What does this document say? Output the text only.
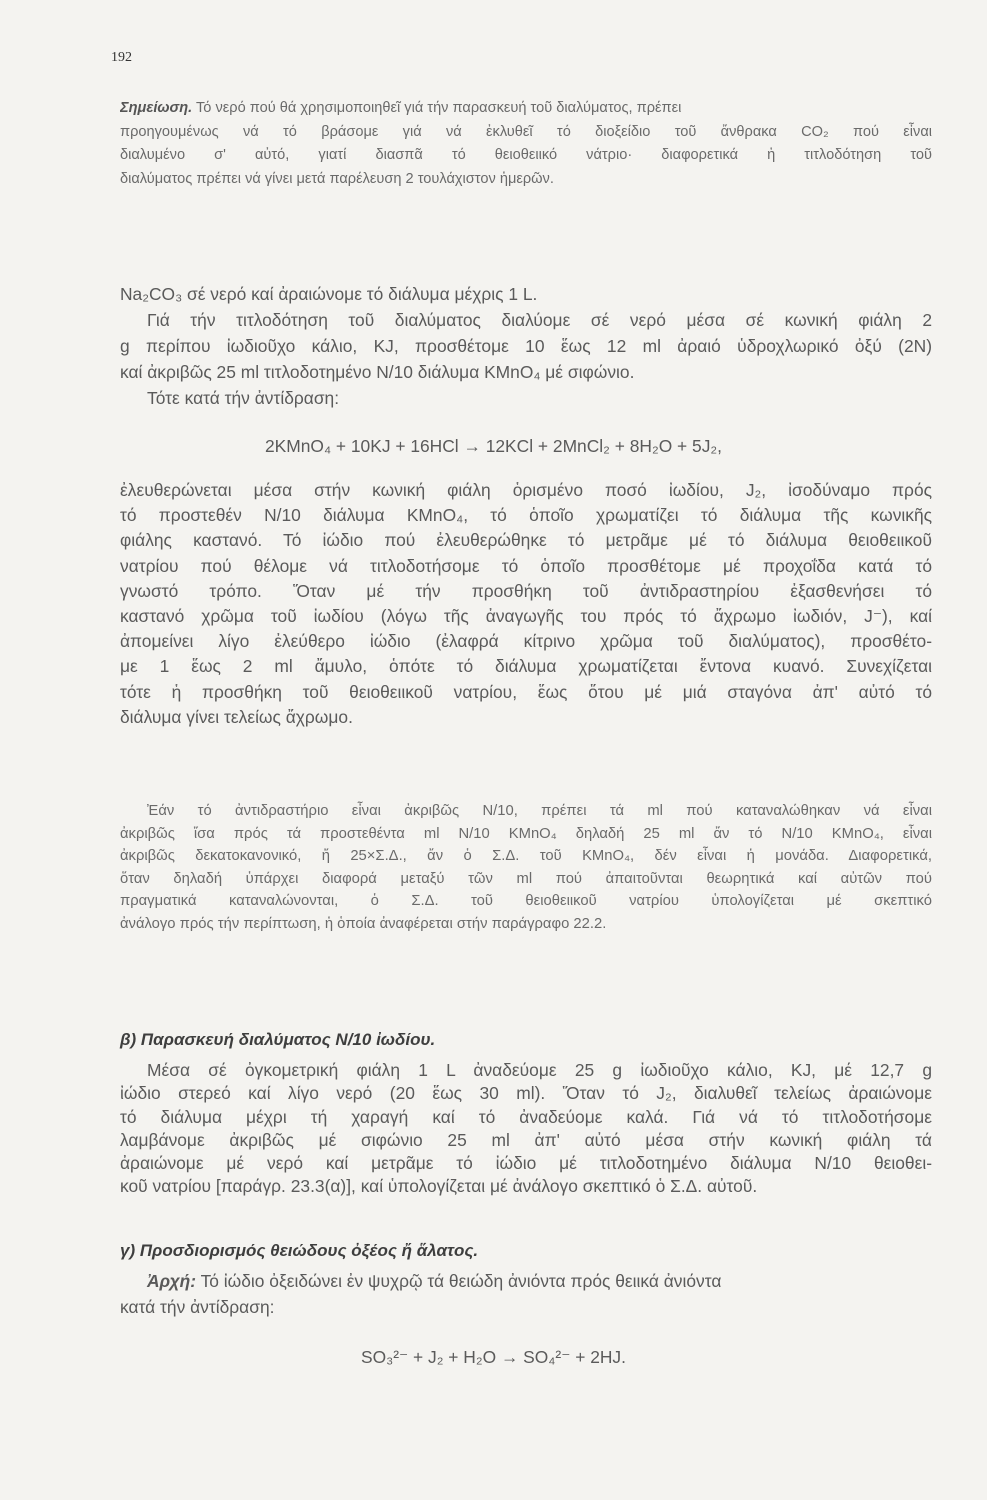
192
Σημείωση. Τό νερό πού θά χρησιμοποιηθεῖ γιά τήν παρασκευή τοῦ διαλύματος, πρέπει
προηγουμένως νά τό βράσομε γιά νά ἐκλυθεῖ τό διοξείδιο τοῦ ἄνθρακα CO₂ πού εἶναι
διαλυμένο σ' αὐτό, γιατί διασπᾶ τό θειοθειικό νάτριο· διαφορετικά ἡ τιτλοδότηση τοῦ
διαλύματος πρέπει νά γίνει μετά παρέλευση 2 τουλάχιστον ἡμερῶν.
Na₂CO₃ σέ νερό καί ἀραιώνομε τό διάλυμα μέχρις 1 L.
Γιά τήν τιτλοδότηση τοῦ διαλύματος διαλύομε σέ νερό μέσα σέ κωνική φιάλη 2
g περίπου ἰωδιοῦχο κάλιο, KJ, προσθέτομε 10 ἕως 12 ml ἀραιό ὑδροχλωρικό ὀξύ (2N)
καί ἀκριβῶς 25 ml τιτλοδοτημένο N/10 διάλυμα KMnO₄ μέ σιφώνιο.
Τότε κατά τήν ἀντίδραση:
2KMnO₄ + 10KJ + 16HCl → 12KCl + 2MnCl₂ + 8H₂O + 5J₂,
ἐλευθερώνεται μέσα στήν κωνική φιάλη ὁρισμένο ποσό ἰωδίου, J₂, ἰσοδύναμο πρός
τό προστεθέν N/10 διάλυμα KMnO₄, τό ὁποῖο χρωματίζει τό διάλυμα τῆς κωνικῆς
φιάλης καστανό. Τό ἰώδιο πού ἐλευθερώθηκε τό μετρᾶμε μέ τό διάλυμα θειοθειικοῦ
νατρίου πού θέλομε νά τιτλοδοτήσομε τό ὁποῖο προσθέτομε μέ προχοΐδα κατά τό
γνωστό τρόπο. Ὅταν μέ τήν προσθήκη τοῦ ἀντιδραστηρίου ἐξασθενήσει τό
καστανό χρῶμα τοῦ ἰωδίου (λόγω τῆς ἀναγωγῆς του πρός τό ἄχρωμο ἰωδιόν, J⁻), καί
ἀπομείνει λίγο ἐλεύθερο ἰώδιο (ἐλαφρά κίτρινο χρῶμα τοῦ διαλύματος), προσθέτο-
με 1 ἕως 2 ml ἄμυλο, ὁπότε τό διάλυμα χρωματίζεται ἔντονα κυανό. Συνεχίζεται
τότε ἡ προσθήκη τοῦ θειοθειικοῦ νατρίου, ἕως ὅτου μέ μιά σταγόνα ἀπ' αὐτό τό
διάλυμα γίνει τελείως ἄχρωμο.
Ἐάν τό ἀντιδραστήριο εἶναι ἀκριβῶς N/10, πρέπει τά ml πού καταναλώθηκαν νά εἶναι
ἀκριβῶς ἴσα πρός τά προστεθέντα ml N/10 KMnO₄ δηλαδή 25 ml ἄν τό N/10 KMnO₄, εἶναι
ἀκριβῶς δεκατοκανονικό, ἤ 25×Σ.Δ., ἄν ὁ Σ.Δ. τοῦ KMnO₄, δέν εἶναι ἡ μονάδα. Διαφορετικά,
ὅταν δηλαδή ὑπάρχει διαφορά μεταξύ τῶν ml πού ἀπαιτοῦνται θεωρητικά καί αὐτῶν πού
πραγματικά καταναλώνονται, ὁ Σ.Δ. τοῦ θειοθειικοῦ νατρίου ὑπολογίζεται μέ σκεπτικό
ἀνάλογο πρός τήν περίπτωση, ἡ ὁποία ἀναφέρεται στήν παράγραφο 22.2.
β) Παρασκευή διαλύματος N/10 ἰωδίου.
Μέσα σέ ὀγκομετρική φιάλη 1 L ἀναδεύομε 25 g ἰωδιοῦχο κάλιο, KJ, μέ 12,7 g
ἰώδιο στερεό καί λίγο νερό (20 ἕως 30 ml). Ὅταν τό J₂, διαλυθεῖ τελείως ἀραιώνομε
τό διάλυμα μέχρι τή χαραγή καί τό ἀναδεύομε καλά. Γιά νά τό τιτλοδοτήσομε
λαμβάνομε ἀκριβῶς μέ σιφώνιο 25 ml ἀπ' αὐτό μέσα στήν κωνική φιάλη τά
ἀραιώνομε μέ νερό καί μετρᾶμε τό ἰώδιο μέ τιτλοδοτημένο διάλυμα N/10 θειοθει-
κοῦ νατρίου [παράγρ. 23.3(α)], καί ὑπολογίζεται μέ ἀνάλογο σκεπτικό ὁ Σ.Δ. αὐτοῦ.
γ) Προσδιορισμός θειώδους ὀξέος ἤ ἅλατος.
Ἀρχή: Τό ἰώδιο ὀξειδώνει ἐν ψυχρῷ τά θειώδη ἀνιόντα πρός θειικά ἀνιόντα
κατά τήν ἀντίδραση:
SO₃²⁻ + J₂ + H₂O → SO₄²⁻ + 2HJ.
